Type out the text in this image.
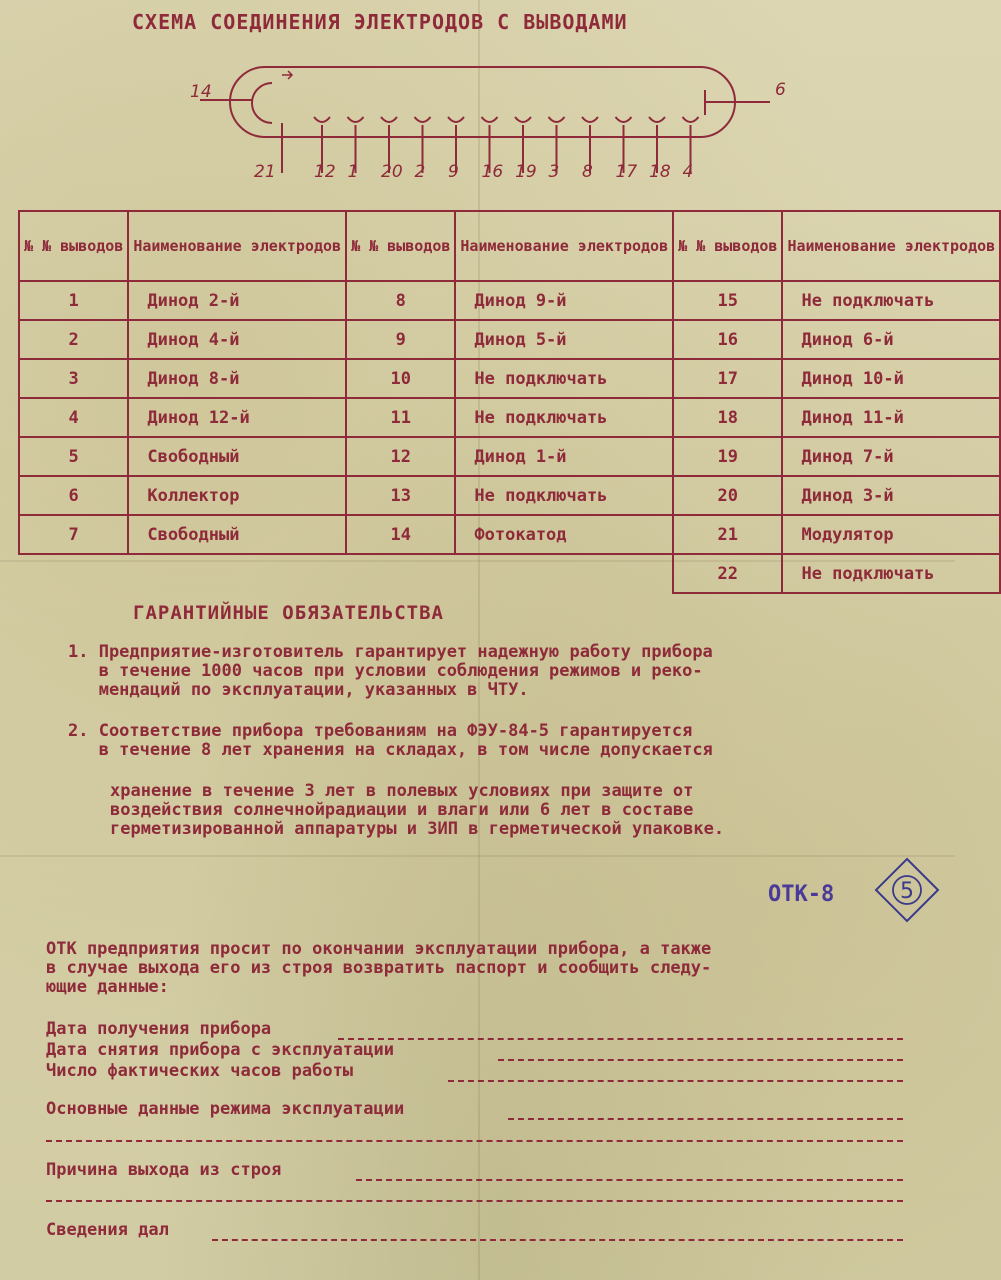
СХЕМА СОЕДИНЕНИЯ ЭЛЕКТРОДОВ С ВЫВОДАМИ
14	6
21 12 1 20 2 9 16 19 3 8 17 18 4
№ № выводов	Наименование электродов	№ № выводов	Наименование электродов	№ № выводов	Наименование электродов
1	Динод 2-й	8	Динод 9-й	15	Не подключать
2	Динод 4-й	9	Динод 5-й	16	Динод 6-й
3	Динод 8-й	10	Не подключать	17	Динод 10-й
4	Динод 12-й	11	Не подключать	18	Динод 11-й
5	Свободный	12	Динод 1-й	19	Динод 7-й
6	Коллектор	13	Не подключать	20	Динод 3-й
7	Свободный	14	Фотокатод	21	Модулятор
				22	Не подключать
ГАРАНТИЙНЫЕ ОБЯЗАТЕЛЬСТВА
1. Предприятие-изготовитель гарантирует надежную работу прибора
в течение 1000 часов при условии соблюдения режимов и реко-
мендаций по эксплуатации, указанных в ЧТУ.
2. Соответствие прибора требованиям на ФЭУ-84-5 гарантируется
в течение 8 лет хранения на складах, в том числе допускается
хранение в течение 3 лет в полевых условиях при защите от
воздействия солнечнойрадиации и влаги или 6 лет в составе
герметизированной аппаратуры и ЗИП в герметической упаковке.
ОТК-8	5
ОТК предприятия просит по окончании эксплуатации прибора, а также
в случае выхода его из строя возвратить паспорт и сообщить следу-
ющие данные:
Дата получения прибора
Дата снятия прибора с эксплуатации
Число фактических часов работы
Основные данные режима эксплуатации
Причина выхода из строя
Сведения дал
